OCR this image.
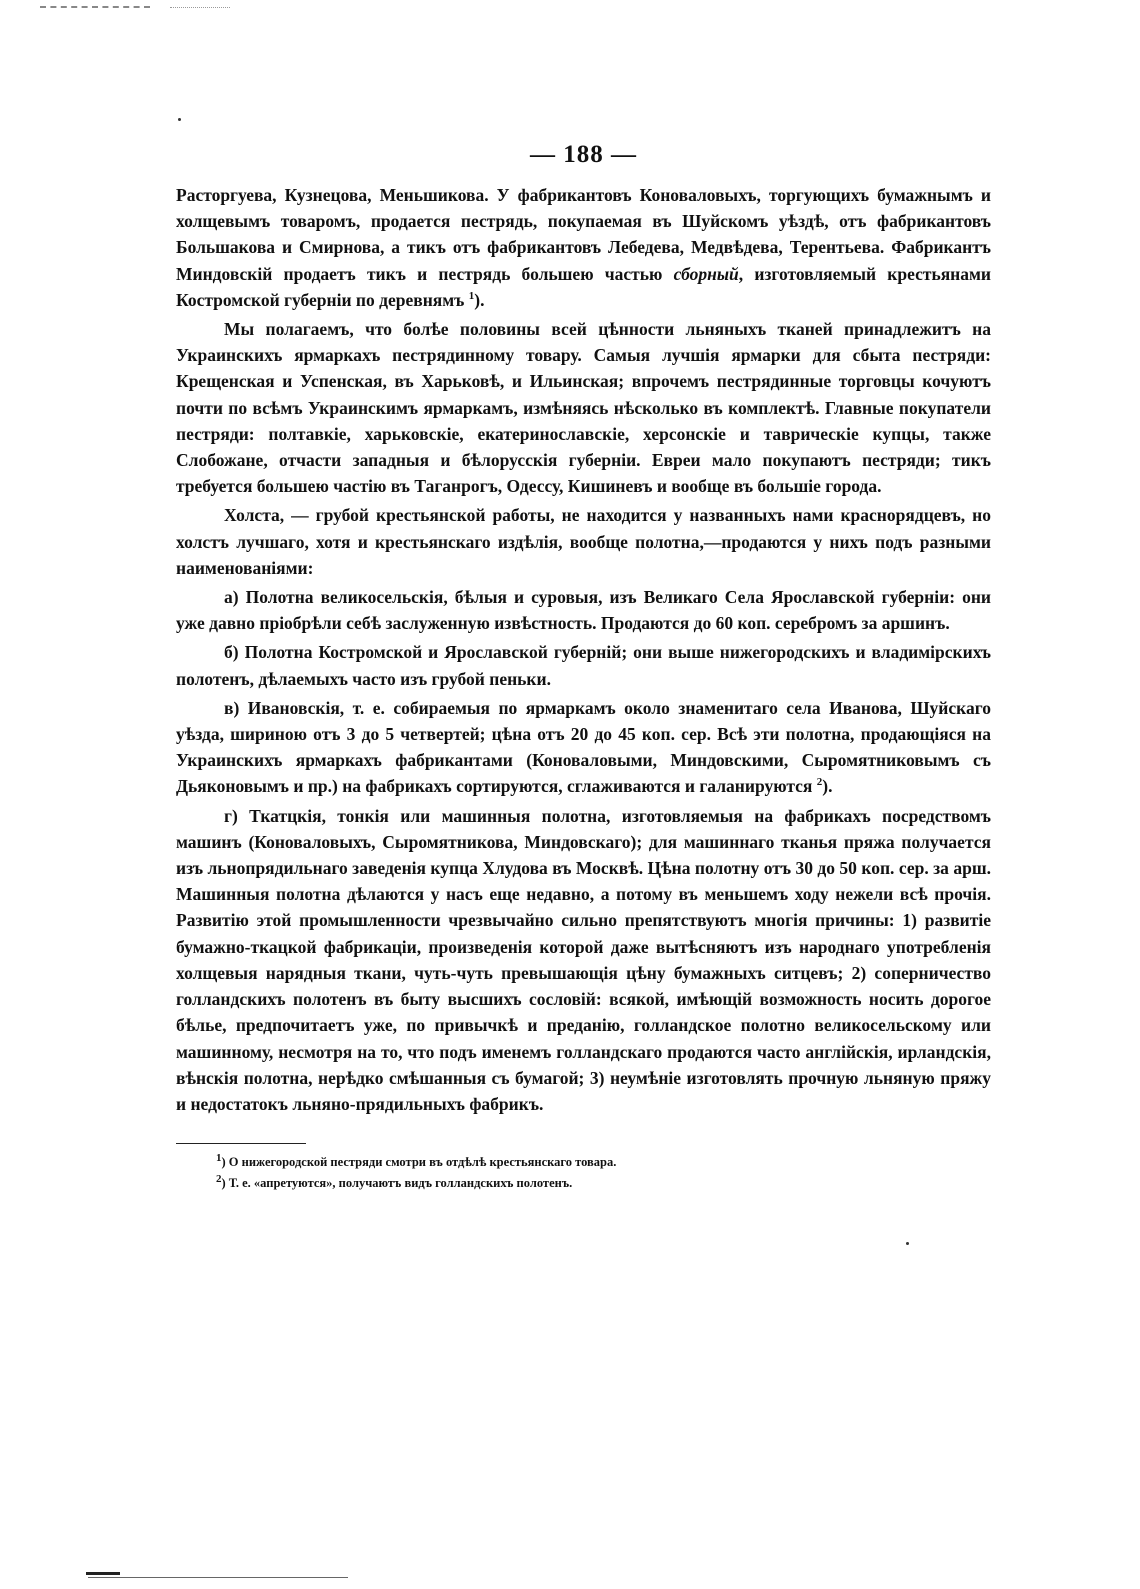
— 188 —

Расторгуева, Кузнецова, Меньшикова. У фабрикантовъ Коноваловыхъ, торгующихъ бумажнымъ и холщевымъ товаромъ, продается пестрядь, покупаемая въ Шуйскомъ уѣздѣ, отъ фабрикантовъ Большакова и Смирнова, а тикъ отъ фабрикантовъ Лебедева, Медвѣдева, Терентьева. Фабрикантъ Миндовскій продаетъ тикъ и пестрядь большею частью сборный, изготовляемый крестьянами Костромской губерніи по деревнямъ $^1$).

Мы полагаемъ, что болѣе половины всей цѣнности льняныхъ тканей принадлежитъ на Украинскихъ ярмаркахъ пестрядинному товару. Самыя лучшія ярмарки для сбыта пестряди: Крещенская и Успенская, въ Харьковѣ, и Ильинская; впрочемъ пестрядинные торговцы кочуютъ почти по всѣмъ Украинскимъ ярмаркамъ, измѣняясь нѣсколько въ комплектѣ. Главные покупатели пестряди: полтавкіе, харьковскіе, екатеринославскіе, херсонскіе и таврическіе купцы, также Слобожане, отчасти западныя и бѣлорусскія губерніи. Евреи мало покупаютъ пестряди; тикъ требуется большею частію въ Таганрогъ, Одессу, Кишиневъ и вообще въ большіе города.

Холста, — грубой крестьянской работы, не находится у названныхъ нами краснорядцевъ, но холстъ лучшаго, хотя и крестьянскаго издѣлія, вообще полотна,—продаются у нихъ подъ разными наименованіями:

а) Полотна великосельскія, бѣлыя и суровыя, изъ Великаго Села Ярославской губерніи: они уже давно пріобрѣли себѣ заслуженную извѣстность. Продаются до 60 коп. серебромъ за аршинъ.

б) Полотна Костромской и Ярославской губерній; они выше нижегородскихъ и владимірскихъ полотенъ, дѣлаемыхъ часто изъ грубой пеньки.

в) Ивановскія, т. е. собираемыя по ярмаркамъ около знаменитаго села Иванова, Шуйскаго уѣзда, шириною отъ 3 до 5 четвертей; цѣна отъ 20 до 45 коп. сер. Всѣ эти полотна, продающіяся на Украинскихъ ярмаркахъ фабрикантами (Коноваловыми, Миндовскими, Сыромятниковымъ съ Дьяконовымъ и пр.) на фабрикахъ сортируются, сглаживаются и галанируются $^2$).

г) Ткатцкія, тонкія или машинныя полотна, изготовляемыя на фабрикахъ посредствомъ машинъ (Коноваловыхъ, Сыромятникова, Миндовскаго); для машиннаго тканья пряжа получается изъ льнопрядильнаго заведенія купца Хлудова въ Москвѣ. Цѣна полотну отъ 30 до 50 коп. сер. за арш. Машинныя полотна дѣлаются у насъ еще недавно, а потому въ меньшемъ ходу нежели всѣ прочія. Развитію этой промышленности чрезвычайно сильно препятствуютъ многія причины: 1) развитіе бумажно-ткацкой фабрикаціи, произведенія которой даже вытѣсняютъ изъ народнаго употребленія холщевыя нарядныя ткани, чуть-чуть превышающія цѣну бумажныхъ ситцевъ; 2) соперничество голландскихъ полотенъ въ быту высшихъ сословій: всякой, имѣющій возможность носить дорогое бѣлье, предпочитаетъ уже, по привычкѣ и преданію, голландское полотно великосельскому или машинному, несмотря на то, что подъ именемъ голландскаго продаются часто англійскія, ирландскія, вѣнскія полотна, нерѣдко смѣшанныя съ бумагой; 3) неумѣніе изготовлять прочную льняную пряжу и недостатокъ льняно-прядильныхъ фабрикъ.

$^1$) О нижегородской пестряди смотри въ отдѣлѣ крестьянскаго товара.

$^2$) Т. е. «апретуются», получаютъ видъ голландскихъ полотенъ.
